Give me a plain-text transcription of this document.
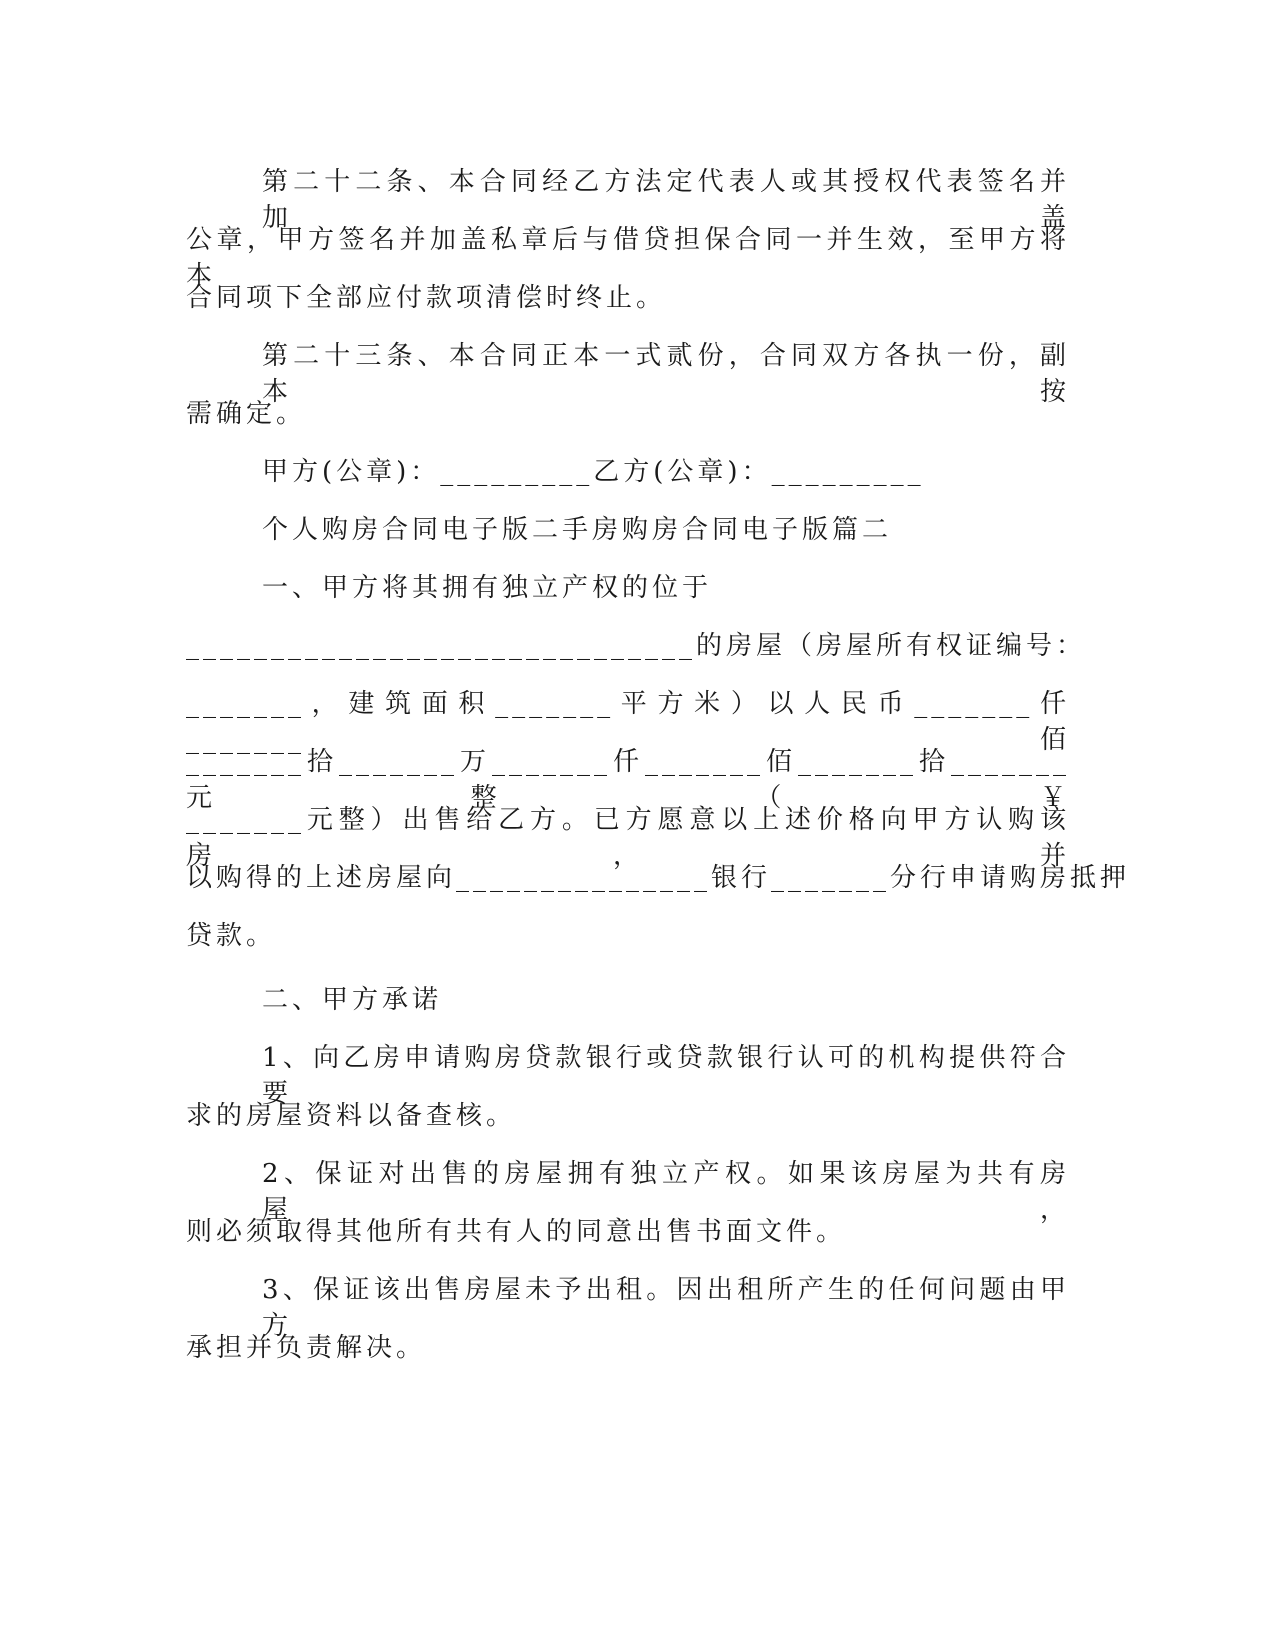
第二十二条、本合同经乙方法定代表人或其授权代表签名并加盖
公章，甲方签名并加盖私章后与借贷担保合同一并生效，至甲方将本
合同项下全部应付款项清偿时终止。
第二十三条、本合同正本一式贰份，合同双方各执一份，副本按
需确定。
甲方(公章)：_________乙方(公章)：_________
个人购房合同电子版二手房购房合同电子版篇二
一、甲方将其拥有独立产权的位于
______________________________的房屋（房屋所有权证编号：
_______，建筑面积_______平方米）以人民币_______仟_______佰
_______拾_______万_______仟_______佰_______拾_______元整（￥
_______元整）出售给乙方。已方愿意以上述价格向甲方认购该房，并
以购得的上述房屋向_______________银行_______分行申请购房抵押
贷款。
二、甲方承诺
1、向乙房申请购房贷款银行或贷款银行认可的机构提供符合要
求的房屋资料以备查核。
2、保证对出售的房屋拥有独立产权。如果该房屋为共有房屋，
则必须取得其他所有共有人的同意出售书面文件。
3、保证该出售房屋未予出租。因出租所产生的任何问题由甲方
承担并负责解决。
